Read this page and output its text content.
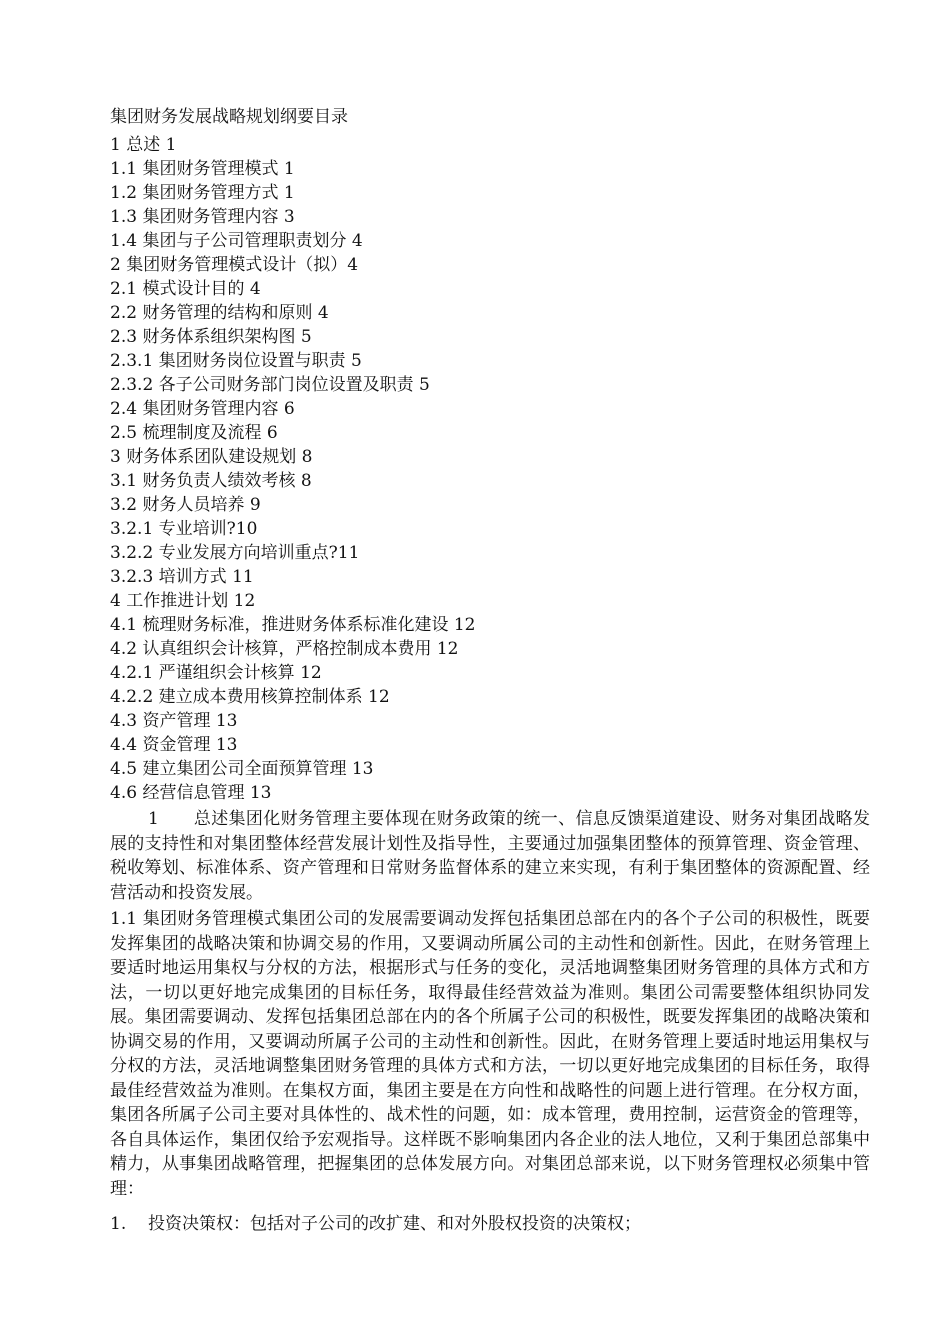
集团财务发展战略规划纲要目录
1 总述 1
1.1 集团财务管理模式 1
1.2 集团财务管理方式 1
1.3 集团财务管理内容 3
1.4 集团与子公司管理职责划分 4
2 集团财务管理模式设计（拟）4
2.1 模式设计目的 4
2.2 财务管理的结构和原则 4
2.3 财务体系组织架构图 5
2.3.1 集团财务岗位设置与职责 5
2.3.2 各子公司财务部门岗位设置及职责 5
2.4 集团财务管理内容 6
2.5 梳理制度及流程 6
3 财务体系团队建设规划 8
3.1 财务负责人绩效考核 8
3.2 财务人员培养 9
3.2.1 专业培训?10
3.2.2 专业发展方向培训重点?11
3.2.3 培训方式 11
4 工作推进计划 12
4.1 梳理财务标准，推进财务体系标准化建设 12
4.2 认真组织会计核算，严格控制成本费用 12
4.2.1 严谨组织会计核算 12
4.2.2 建立成本费用核算控制体系 12
4.3 资产管理 13
4.4 资金管理 13
4.5 建立集团公司全面预算管理 13
4.6 经营信息管理 13

1　　总述集团化财务管理主要体现在财务政策的统一、信息反馈渠道建设、财务对集团战略发展的支持性和对集团整体经营发展计划性及指导性，主要通过加强集团整体的预算管理、资金管理、税收筹划、标准体系、资产管理和日常财务监督体系的建立来实现，有利于集团整体的资源配置、经营活动和投资发展。

1.1 集团财务管理模式集团公司的发展需要调动发挥包括集团总部在内的各个子公司的积极性，既要发挥集团的战略决策和协调交易的作用，又要调动所属公司的主动性和创新性。因此，在财务管理上要适时地运用集权与分权的方法，根据形式与任务的变化，灵活地调整集团财务管理的具体方式和方法，一切以更好地完成集团的目标任务，取得最佳经营效益为准则。集团公司需要整体组织协同发展。集团需要调动、发挥包括集团总部在内的各个所属子公司的积极性，既要发挥集团的战略决策和协调交易的作用，又要调动所属子公司的主动性和创新性。因此，在财务管理上要适时地运用集权与分权的方法，灵活地调整集团财务管理的具体方式和方法，一切以更好地完成集团的目标任务，取得最佳经营效益为准则。在集权方面，集团主要是在方向性和战略性的问题上进行管理。在分权方面，集团各所属子公司主要对具体性的、战术性的问题，如：成本管理，费用控制，运营资金的管理等，各自具体运作，集团仅给予宏观指导。这样既不影响集团内各企业的法人地位，又利于集团总部集中精力，从事集团战略管理，把握集团的总体发展方向。对集团总部来说，以下财务管理权必须集中管理：

1. 投资决策权：包括对子公司的改扩建、和对外股权投资的决策权；
